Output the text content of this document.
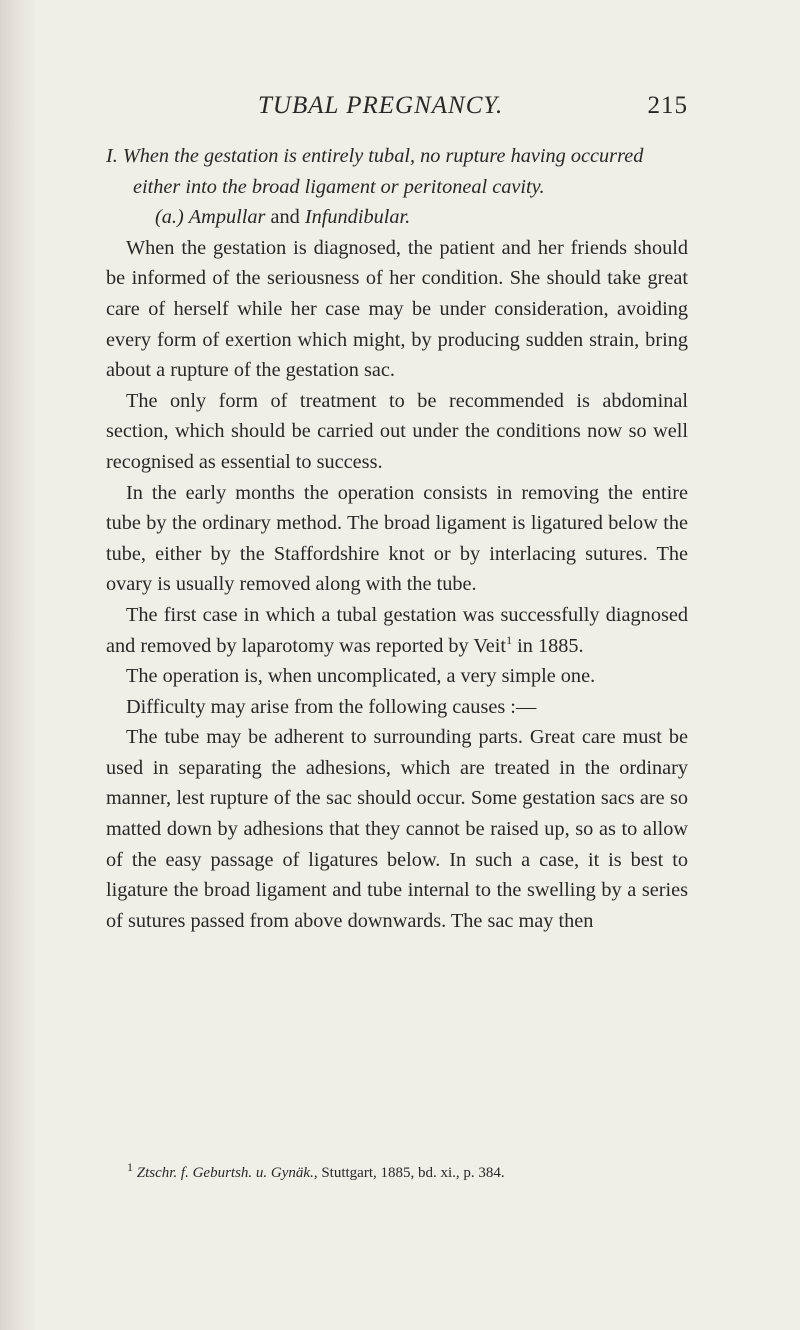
TUBAL PREGNANCY.	215

I. When the gestation is entirely tubal, no rupture having occurred either into the broad ligament or peritoneal cavity.

(a.) Ampullar and Infundibular.

When the gestation is diagnosed, the patient and her friends should be informed of the seriousness of her condition. She should take great care of herself while her case may be under consideration, avoiding every form of exertion which might, by producing sudden strain, bring about a rupture of the gestation sac.

The only form of treatment to be recommended is abdominal section, which should be carried out under the conditions now so well recognised as essential to success.

In the early months the operation consists in removing the entire tube by the ordinary method. The broad ligament is ligatured below the tube, either by the Staffordshire knot or by interlacing sutures. The ovary is usually removed along with the tube.

The first case in which a tubal gestation was successfully diagnosed and removed by laparotomy was reported by Veit$^1$ in 1885.

The operation is, when uncomplicated, a very simple one.

Difficulty may arise from the following causes :—

The tube may be adherent to surrounding parts. Great care must be used in separating the adhesions, which are treated in the ordinary manner, lest rupture of the sac should occur. Some gestation sacs are so matted down by adhesions that they cannot be raised up, so as to allow of the easy passage of ligatures below. In such a case, it is best to ligature the broad ligament and tube internal to the swelling by a series of sutures passed from above downwards. The sac may then

$^1$ Ztschr. f. Geburtsh. u. Gynäk., Stuttgart, 1885, bd. xi., p. 384.
